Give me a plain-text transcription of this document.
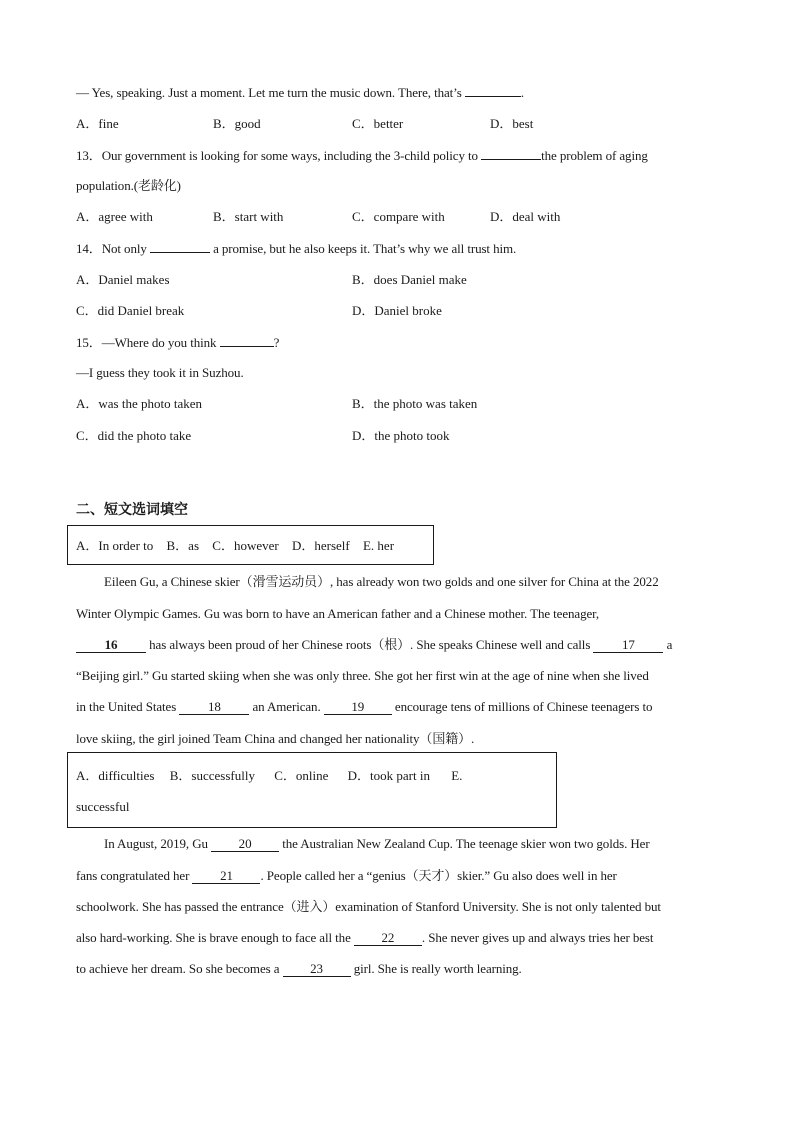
— Yes, speaking. Just a moment. Let me turn the music down. There, that’s	.
A．fine	B．good	C．better	D．best
13．Our government is looking for some ways, including the 3-child policy to	the problem of aging
population.(老龄化)
A．agree with	B．start with	C．compare with	D．deal with
14．Not only	a promise, but he also keeps it. That’s why we all trust him.
A．Daniel makes	B．does Daniel make
C．did Daniel break	D．Daniel broke
15．—Where do you think	?
—I guess they took it in Suzhou.
A．was the photo taken	B．the photo was taken
C．did the photo take	D．the photo took
二、短文选词填空
A．In order to B．as C．however D．herself E. her
Eileen Gu, a Chinese skier（滑雪运动员）, has already won two golds and one silver for China at the 2022
Winter Olympic Games. Gu was born to have an American father and a Chinese mother. The teenager,
16 has always been proud of her Chinese roots（根）. She speaks Chinese well and calls 17 a
“Beijing girl.” Gu started skiing when she was only three. She got her first win at the age of nine when she lived
in the United States 18 an American. 19 encourage tens of millions of Chinese teenagers to
love skiing, the girl joined Team China and changed her nationality（国籍）.
A．difficulties B．successfully C．online D．took part in E.
successful
In August, 2019, Gu 20 the Australian New Zealand Cup. The teenage skier won two golds. Her
fans congratulated her 21 . People called her a “genius（天才）skier.” Gu also does well in her
schoolwork. She has passed the entrance（进入）examination of Stanford University. She is not only talented but
also hard-working. She is brave enough to face all the 22 . She never gives up and always tries her best
to achieve her dream. So she becomes a 23 girl. She is really worth learning.
